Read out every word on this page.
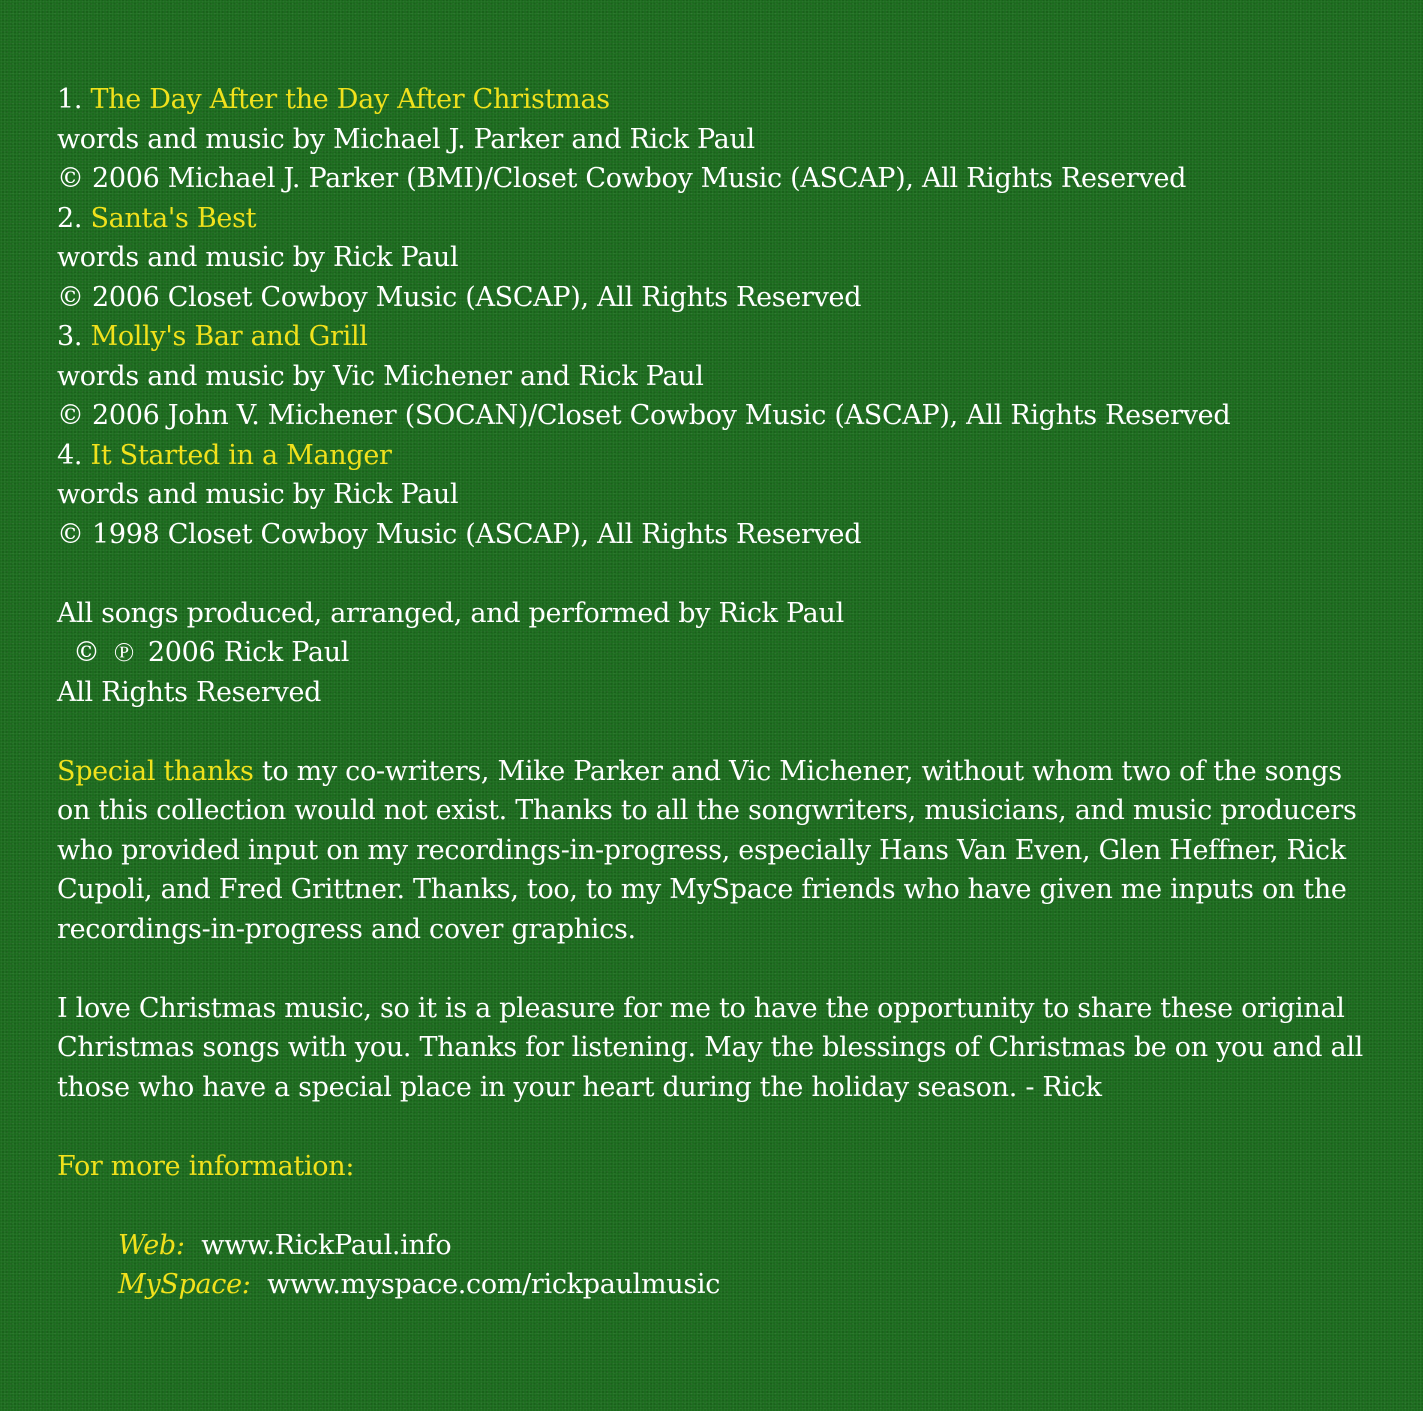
1. The Day After the Day After Christmas
words and music by Michael J. Parker and Rick Paul
© 2006 Michael J. Parker (BMI)/Closet Cowboy Music (ASCAP), All Rights Reserved
2. Santa's Best
words and music by Rick Paul
© 2006 Closet Cowboy Music (ASCAP), All Rights Reserved
3. Molly's Bar and Grill
words and music by Vic Michener and Rick Paul
© 2006 John V. Michener (SOCAN)/Closet Cowboy Music (ASCAP), All Rights Reserved
4. It Started in a Manger
words and music by Rick Paul
© 1998 Closet Cowboy Music (ASCAP), All Rights Reserved
All songs produced, arranged, and performed by Rick Paul
© ℗ 2006 Rick Paul
All Rights Reserved
Special thanks to my co-writers, Mike Parker and Vic Michener, without whom two of the songs on this collection would not exist. Thanks to all the songwriters, musicians, and music producers who provided input on my recordings-in-progress, especially Hans Van Even, Glen Heffner, Rick Cupoli, and Fred Grittner. Thanks, too, to my MySpace friends who have given me inputs on the recordings-in-progress and cover graphics.
I love Christmas music, so it is a pleasure for me to have the opportunity to share these original Christmas songs with you. Thanks for listening. May the blessings of Christmas be on you and all those who have a special place in your heart during the holiday season. - Rick
For more information:
Web: www.RickPaul.info
MySpace: www.myspace.com/rickpaulmusic
